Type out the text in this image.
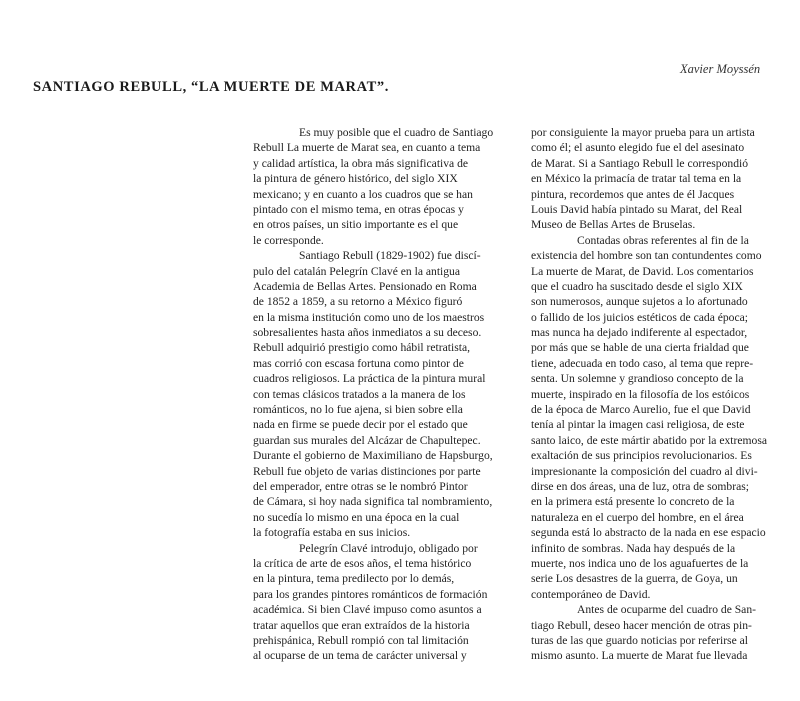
SANTIAGO REBULL, “LA MUERTE DE MARAT”.
Xavier Moyssén
Es muy posible que el cuadro de Santiago
Rebull La muerte de Marat sea, en cuanto a tema
y calidad artística, la obra más significativa de
la pintura de género histórico, del siglo XIX
mexicano; y en cuanto a los cuadros que se han
pintado con el mismo tema, en otras épocas y
en otros países, un sitio importante es el que
le corresponde.
Santiago Rebull (1829-1902) fue discí-
pulo del catalán Pelegrín Clavé en la antigua
Academia de Bellas Artes. Pensionado en Roma
de 1852 a 1859, a su retorno a México figuró
en la misma institución como uno de los maestros
sobresalientes hasta años inmediatos a su deceso.
Rebull adquirió prestigio como hábil retratista,
mas corrió con escasa fortuna como pintor de
cuadros religiosos. La práctica de la pintura mural
con temas clásicos tratados a la manera de los
románticos, no lo fue ajena, si bien sobre ella
nada en firme se puede decir por el estado que
guardan sus murales del Alcázar de Chapultepec.
Durante el gobierno de Maximiliano de Hapsburgo,
Rebull fue objeto de varias distinciones por parte
del emperador, entre otras se le nombró Pintor
de Cámara, si hoy nada significa tal nombramiento,
no sucedía lo mismo en una época en la cual
la fotografía estaba en sus inicios.
Pelegrín Clavé introdujo, obligado por
la crítica de arte de esos años, el tema histórico
en la pintura, tema predilecto por lo demás,
para los grandes pintores románticos de formación
académica. Si bien Clavé impuso como asuntos a
tratar aquellos que eran extraídos de la historia
prehispánica, Rebull rompió con tal limitación
al ocuparse de un tema de carácter universal y
por consiguiente la mayor prueba para un artista
como él; el asunto elegido fue el del asesinato
de Marat. Si a Santiago Rebull le correspondió
en México la primacía de tratar tal tema en la
pintura, recordemos que antes de él Jacques
Louis David había pintado su Marat, del Real
Museo de Bellas Artes de Bruselas.
Contadas obras referentes al fin de la
existencia del hombre son tan contundentes como
La muerte de Marat, de David. Los comentarios
que el cuadro ha suscitado desde el siglo XIX
son numerosos, aunque sujetos a lo afortunado
o fallido de los juicios estéticos de cada época;
mas nunca ha dejado indiferente al espectador,
por más que se hable de una cierta frialdad que
tiene, adecuada en todo caso, al tema que repre-
senta. Un solemne y grandioso concepto de la
muerte, inspirado en la filosofía de los estóicos
de la época de Marco Aurelio, fue el que David
tenía al pintar la imagen casi religiosa, de este
santo laico, de este mártir abatido por la extremosa
exaltación de sus principios revolucionarios. Es
impresionante la composición del cuadro al divi-
dirse en dos áreas, una de luz, otra de sombras;
en la primera está presente lo concreto de la
naturaleza en el cuerpo del hombre, en el área
segunda está lo abstracto de la nada en ese espacio
infinito de sombras. Nada hay después de la
muerte, nos indica uno de los aguafuertes de la
serie Los desastres de la guerra, de Goya, un
contemporáneo de David.
Antes de ocuparme del cuadro de San-
tiago Rebull, deseo hacer mención de otras pin-
turas de las que guardo noticias por referirse al
mismo asunto. La muerte de Marat fue llevada
